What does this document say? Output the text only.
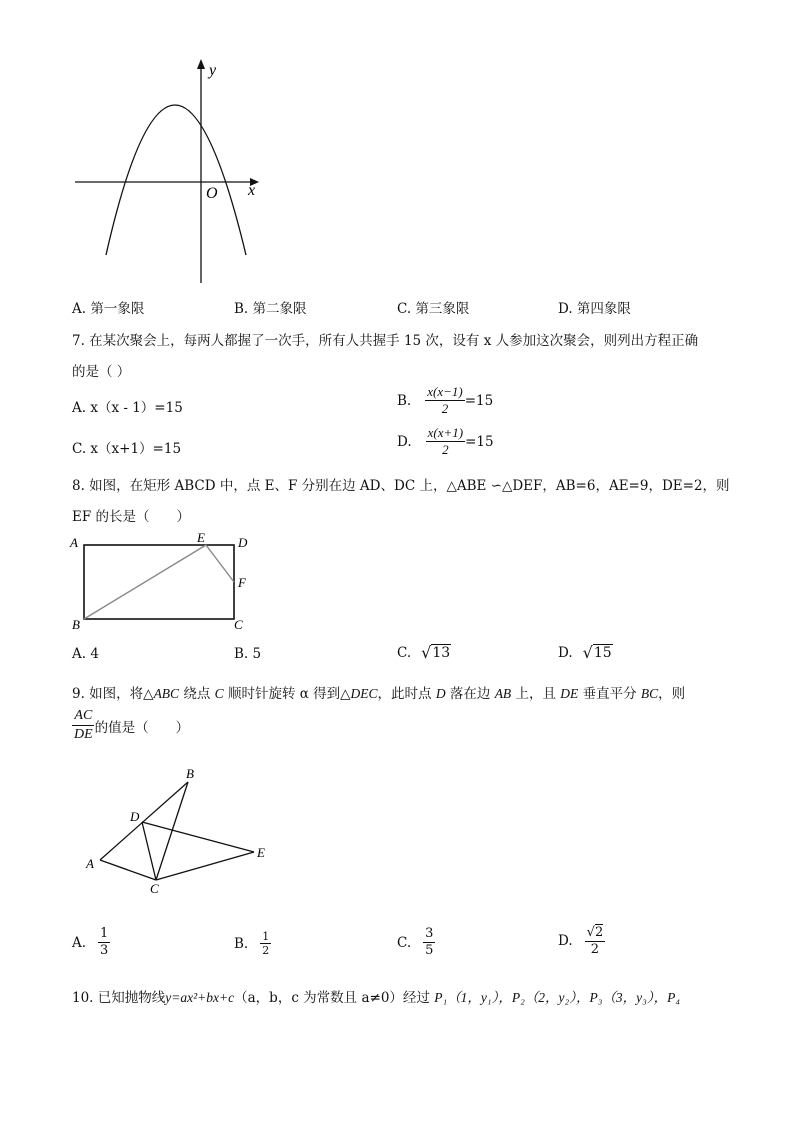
y
x
O
A. 第一象限	B. 第二象限	C. 第三象限	D. 第四象限
7. 在某次聚会上，每两人都握了一次手，所有人共握手 15 次，设有 x 人参加这次聚会，则列出方程正确
的是（ ）
A. x（x - 1）=15	B. $\frac{x(x-1)}{2} =15$
C. x（x+1）=15	D. $\frac{x(x+1)}{2} =15$
8. 如图，在矩形 ABCD 中，点 E、F 分别在边 AD、DC 上，△ABE ∽△DEF，AB=6，AE=9，DE=2，则
EF 的长是（　　）
A
B	C
D
E
F
A. 4	B. 5	C. √ 13	D. √ 15
9. 如图，将△ABC 绕点 C 顺时针旋转 α 得到△DEC，此时点 D 落在边 AB 上，且 DE 垂直平分 BC，则
$\frac{AC}{DE}$ 的值是（　　）
A
B
C
D
E
A. $\frac{1}{3}$	B. $\frac{1}{2}$	C. $\frac{3}{5}$	D. $\frac{√ 2}{2}$
10. 已知抛物线y=ax²+bx+c（a，b，c 为常数且 a≠0）经过 P₁（1，y₁），P₂（2，y₂），P₃（3，y₃），P₄
